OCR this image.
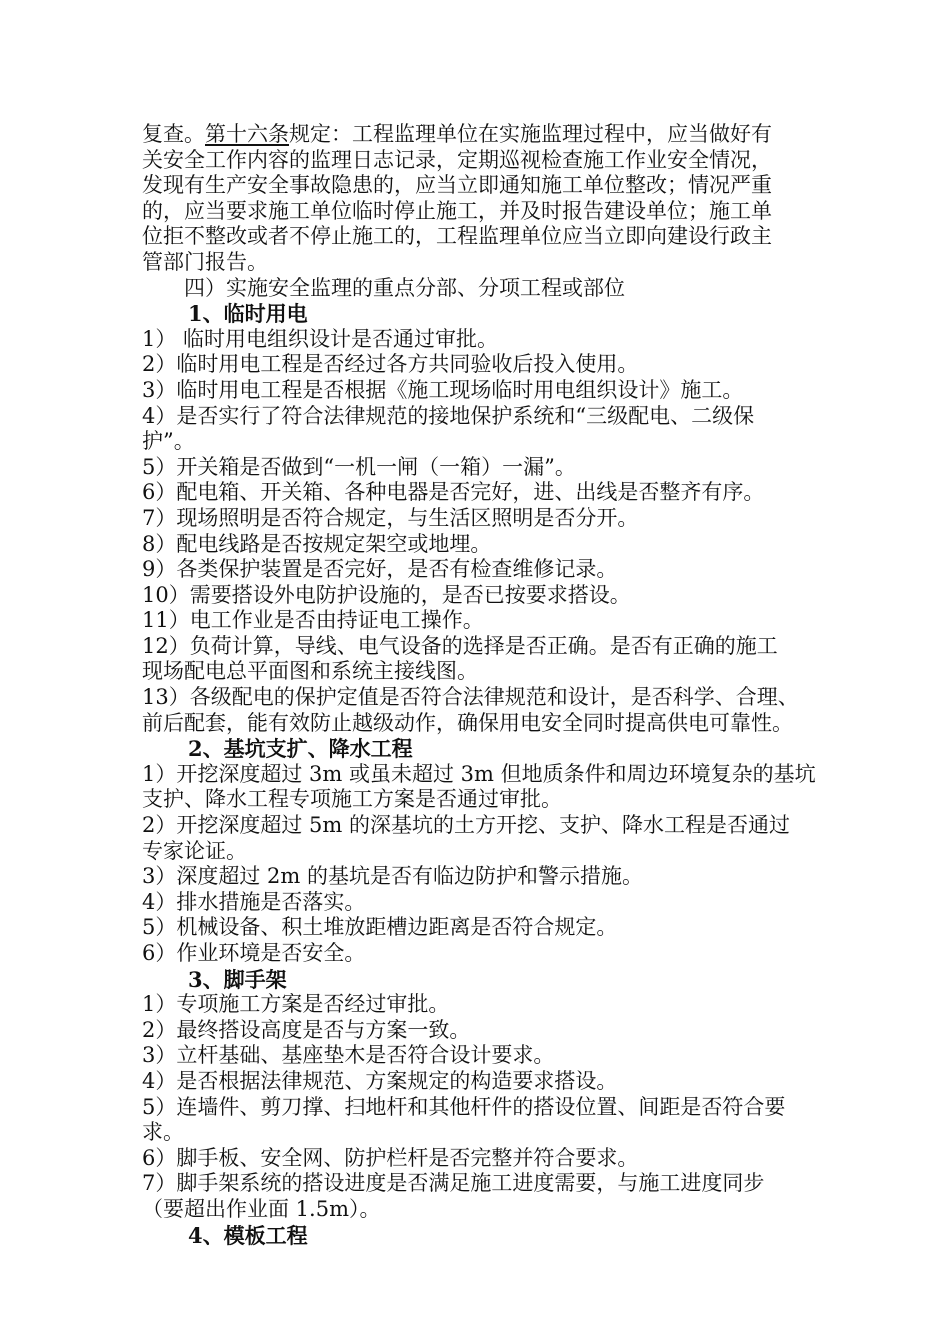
复查。第十六条规定：工程监理单位在实施监理过程中，应当做好有
关安全工作内容的监理日志记录，定期巡视检查施工作业安全情况，
发现有生产安全事故隐患的，应当立即通知施工单位整改；情况严重
的，应当要求施工单位临时停止施工，并及时报告建设单位；施工单
位拒不整改或者不停止施工的，工程监理单位应当立即向建设行政主
管部门报告。
四）实施安全监理的重点分部、分项工程或部位
1、临时用电
1） 临时用电组织设计是否通过审批。
2）临时用电工程是否经过各方共同验收后投入使用。
3）临时用电工程是否根据《施工现场临时用电组织设计》施工。
4）是否实行了符合法律规范的接地保护系统和“三级配电、二级保
护”。
5）开关箱是否做到“一机一闸（一箱）一漏”。
6）配电箱、开关箱、各种电器是否完好，进、出线是否整齐有序。
7）现场照明是否符合规定，与生活区照明是否分开。
8）配电线路是否按规定架空或地埋。
9）各类保护装置是否完好，是否有检查维修记录。
10）需要搭设外电防护设施的，是否已按要求搭设。
11）电工作业是否由持证电工操作。
12）负荷计算，导线、电气设备的选择是否正确。是否有正确的施工
现场配电总平面图和系统主接线图。
13）各级配电的保护定值是否符合法律规范和设计，是否科学、合理、
前后配套，能有效防止越级动作，确保用电安全同时提高供电可靠性。
2、基坑支扩、降水工程
1）开挖深度超过 3m 或虽未超过 3m 但地质条件和周边环境复杂的基坑
支护、降水工程专项施工方案是否通过审批。
2）开挖深度超过 5m 的深基坑的土方开挖、支护、降水工程是否通过
专家论证。
3）深度超过 2m 的基坑是否有临边防护和警示措施。
4）排水措施是否落实。
5）机械设备、积土堆放距槽边距离是否符合规定。
6）作业环境是否安全。
3、脚手架
1）专项施工方案是否经过审批。
2）最终搭设高度是否与方案一致。
3）立杆基础、基座垫木是否符合设计要求。
4）是否根据法律规范、方案规定的构造要求搭设。
5）连墙件、剪刀撑、扫地杆和其他杆件的搭设位置、间距是否符合要
求。
6）脚手板、安全网、防护栏杆是否完整并符合要求。
7）脚手架系统的搭设进度是否满足施工进度需要，与施工进度同步
（要超出作业面 1.5m）。
4、模板工程
